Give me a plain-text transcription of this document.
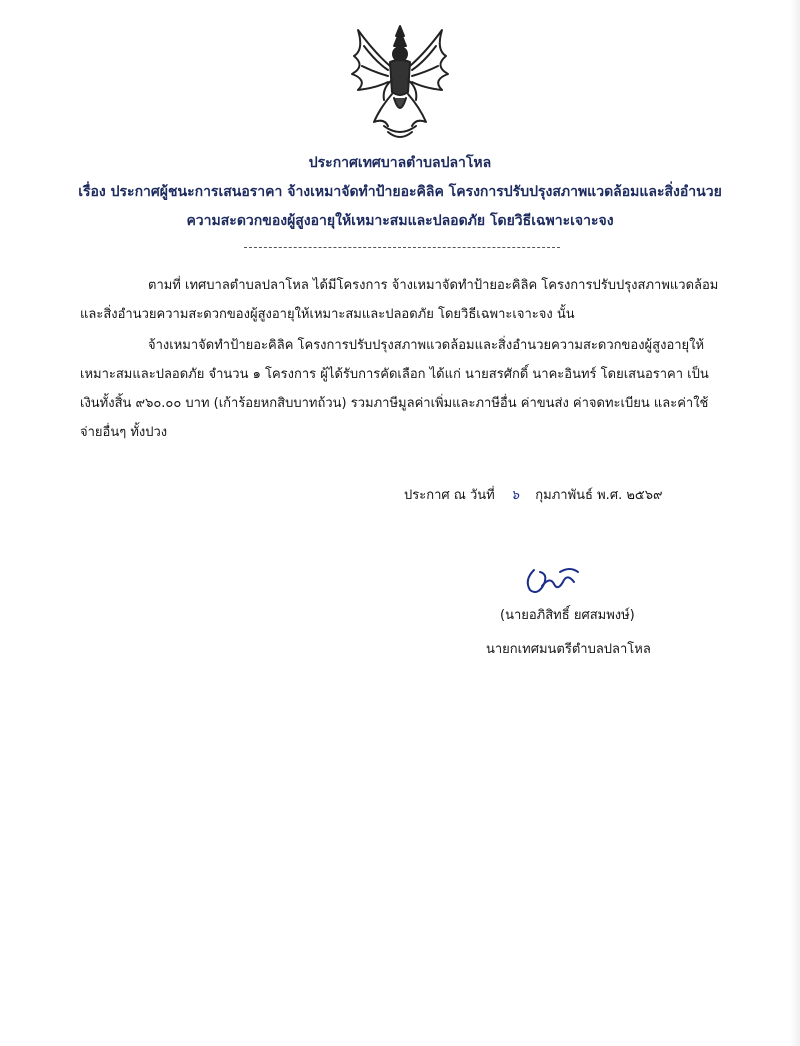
ประกาศเทศบาลตำบลปลาโหล
เรื่อง ประกาศผู้ชนะการเสนอราคา จ้างเหมาจัดทำป้ายอะคิลิค โครงการปรับปรุงสภาพแวดล้อมและสิ่งอำนวย
ความสะดวกของผู้สูงอายุให้เหมาะสมและปลอดภัย โดยวิธีเฉพาะเจาะจง
ตามที่ เทศบาลตำบลปลาโหล ได้มีโครงการ จ้างเหมาจัดทำป้ายอะคิลิค โครงการปรับปรุงสภาพแวดล้อม
และสิ่งอำนวยความสะดวกของผู้สูงอายุให้เหมาะสมและปลอดภัย โดยวิธีเฉพาะเจาะจง นั้น
จ้างเหมาจัดทำป้ายอะคิลิค โครงการปรับปรุงสภาพแวดล้อมและสิ่งอำนวยความสะดวกของผู้สูงอายุให้
เหมาะสมและปลอดภัย จำนวน ๑ โครงการ ผู้ได้รับการคัดเลือก ได้แก่ นายสรศักดิ์ นาคะอินทร์ โดยเสนอราคา เป็น
เงินทั้งสิ้น ๙๖๐.๐๐ บาท (เก้าร้อยหกสิบบาทถ้วน) รวมภาษีมูลค่าเพิ่มและภาษีอื่น ค่าขนส่ง ค่าจดทะเบียน และค่าใช้
จ่ายอื่นๆ ทั้งปวง
ประกาศ ณ วันที่ ๖ กุมภาพันธ์ พ.ศ. ๒๕๖๙
(นายอภิสิทธิ์ ยศสมพงษ์)
นายกเทศมนตรีตำบลปลาโหล
